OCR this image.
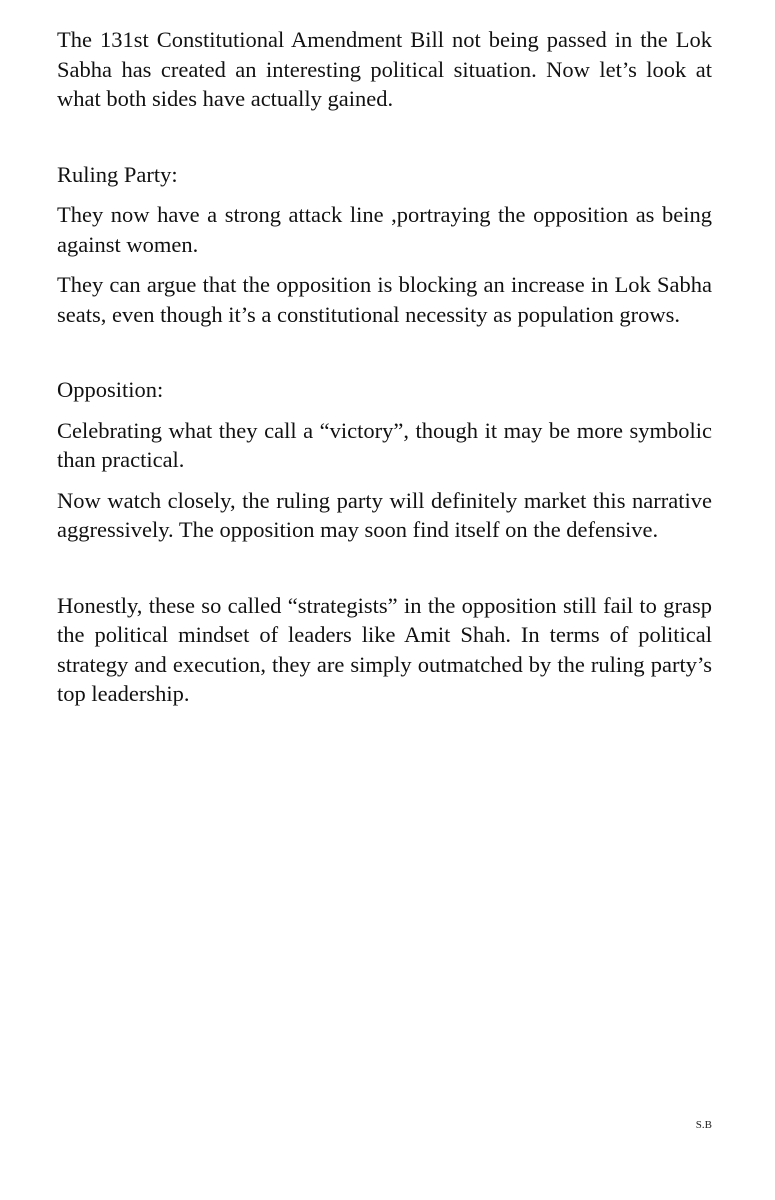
The 131st Constitutional Amendment Bill not being passed in the Lok Sabha has created an interesting political situation. Now let’s look at what both sides have actually gained.

Ruling Party:

They now have a strong attack line ,portraying the opposition as being against women.

They can argue that the opposition is blocking an increase in Lok Sabha seats, even though it’s a constitutional necessity as population grows.

Opposition:

Celebrating what they call a “victory”, though it may be more symbolic than practical.

Now watch closely, the ruling party will definitely market this narrative aggressively. The opposition may soon find itself on the defensive.

Honestly, these so called “strategists” in the opposition still fail to grasp the political mindset of leaders like Amit Shah. In terms of political strategy and execution, they are simply outmatched by the ruling party’s top leadership.

S.B
